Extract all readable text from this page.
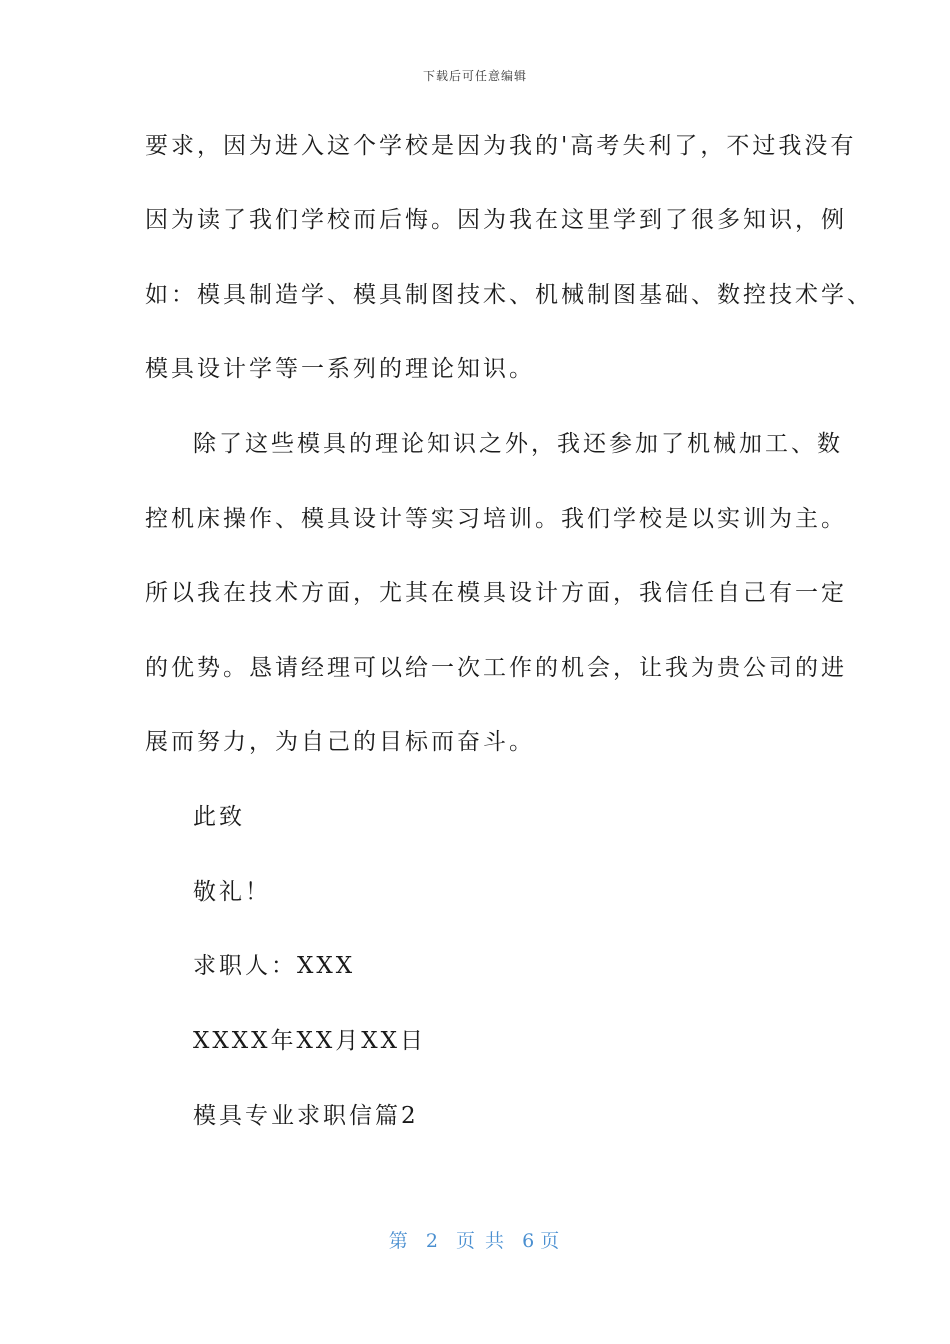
下载后可任意编辑
要求，因为进入这个学校是因为我的'高考失利了，不过我没有
因为读了我们学校而后悔。因为我在这里学到了很多知识，例
如：模具制造学、模具制图技术、机械制图基础、数控技术学、
模具设计学等一系列的理论知识。
除了这些模具的理论知识之外，我还参加了机械加工、数
控机床操作、模具设计等实习培训。我们学校是以实训为主。
所以我在技术方面，尤其在模具设计方面，我信任自己有一定
的优势。恳请经理可以给一次工作的机会，让我为贵公司的进
展而努力，为自己的目标而奋斗。
此致
敬礼！
求职人：XXX
XXXX年XX月XX日
模具专业求职信篇2
第 2 页 共 6 页
